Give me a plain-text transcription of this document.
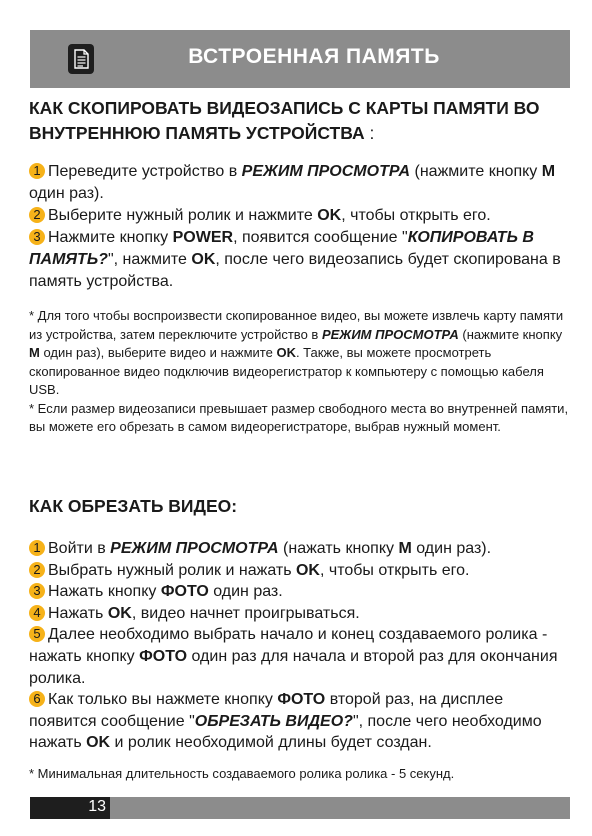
ВСТРОЕННАЯ ПАМЯТЬ

КАК СКОПИРОВАТЬ ВИДЕОЗАПИСЬ С КАРТЫ ПАМЯТИ ВО ВНУТРЕННЮЮ ПАМЯТЬ УСТРОЙСТВА :

1 Переведите устройство в РЕЖИМ ПРОСМОТРА (нажмите кнопку М один раз).

2 Выберите нужный ролик и нажмите OK, чтобы открыть его.

3 Нажмите кнопку POWER, появится сообщение "КОПИРОВАТЬ В ПАМЯТЬ?", нажмите OK, после чего видеозапись будет скопирована в память устройства.

* Для того чтобы воспроизвести скопированное видео, вы можете извлечь карту памяти из устройства, затем переключите устройство в РЕЖИМ ПРОСМОТРА (нажмите кнопку М один раз), выберите видео и нажмите OK. Также, вы можете просмотреть скопированное видео подключив видеорегистратор к компьютеру с помощью кабеля USB.

* Если размер видеозаписи превышает размер свободного места во внутренней памяти, вы можете его обрезать в самом видеорегистраторе, выбрав нужный момент.

КАК ОБРЕЗАТЬ ВИДЕО:

1 Войти в РЕЖИМ ПРОСМОТРА (нажать кнопку М один раз).

2 Выбрать нужный ролик и нажать OK, чтобы открыть его.

3 Нажать кнопку ФОТО один раз.

4 Нажать OK, видео начнет проигрываться.

5 Далее необходимо выбрать начало и конец создаваемого ролика - нажать кнопку ФОТО один раз для начала и второй раз для окончания ролика.

6 Как только вы нажмете кнопку ФОТО второй раз, на дисплее появится сообщение "ОБРЕЗАТЬ ВИДЕО?", после чего необходимо нажать OK и ролик необходимой длины будет создан.

* Минимальная длительность создаваемого ролика ролика - 5 секунд.

13
